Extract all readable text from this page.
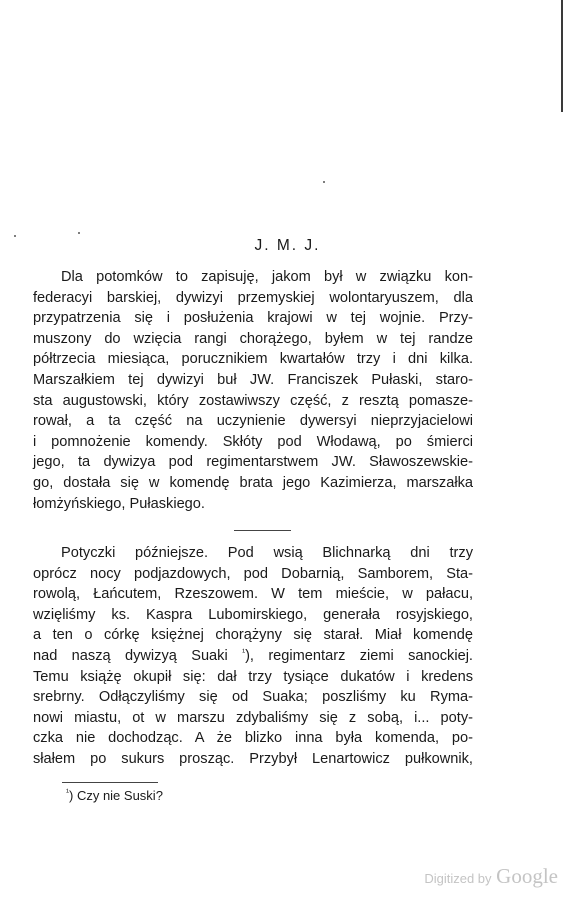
J. M. J.
Dla potomków to zapisuję, jakom był w związku kon-
federacyi barskiej, dywizyi przemyskiej wolontaryuszem, dla
przypatrzenia się i posłużenia krajowi w tej wojnie. Przy-
muszony do wzięcia rangi chorążego, byłem w tej randze
półtrzecia miesiąca, porucznikiem kwartałów trzy i dni kilka.
Marszałkiem tej dywizyi buł JW. Franciszek Pułaski, staro-
sta augustowski, który zostawiwszy część, z resztą pomasze-
rował, a ta część na uczynienie dywersyi nieprzyjacielowi
i pomnożenie komendy. Skłóty pod Włodawą, po śmierci
jego, ta dywizya pod regimentarstwem JW. Sławoszewskie-
go, dostała się w komendę brata jego Kazimierza, marszałka
łomżyńskiego, Pułaskiego.
Potyczki późniejsze. Pod wsią Blichnarką dni trzy
oprócz nocy podjazdowych, pod Dobarnią, Samborem, Sta-
rowolą, Łańcutem, Rzeszowem. W tem mieście, w pałacu,
wzięliśmy ks. Kaspra Lubomirskiego, generała rosyjskiego,
a ten o córkę księżnej chorążyny się starał. Miał komendę
nad naszą dywizyą Suaki $^{^1}$), regimentarz ziemi sanockiej.
Temu książę okupił się: dał trzy tysiące dukatów i kredens
srebrny. Odłączyliśmy się od Suaka; poszliśmy ku Ryma-
nowi miastu, ot w marszu zdybaliśmy się z sobą, i... poty-
czka nie dochodząc. A że blizko inna była komenda, po-
słałem po sukurs prosząc. Przybył Lenartowicz pułkownik,
$^{^1}$) Czy nie Suski?
Digitized by Google
